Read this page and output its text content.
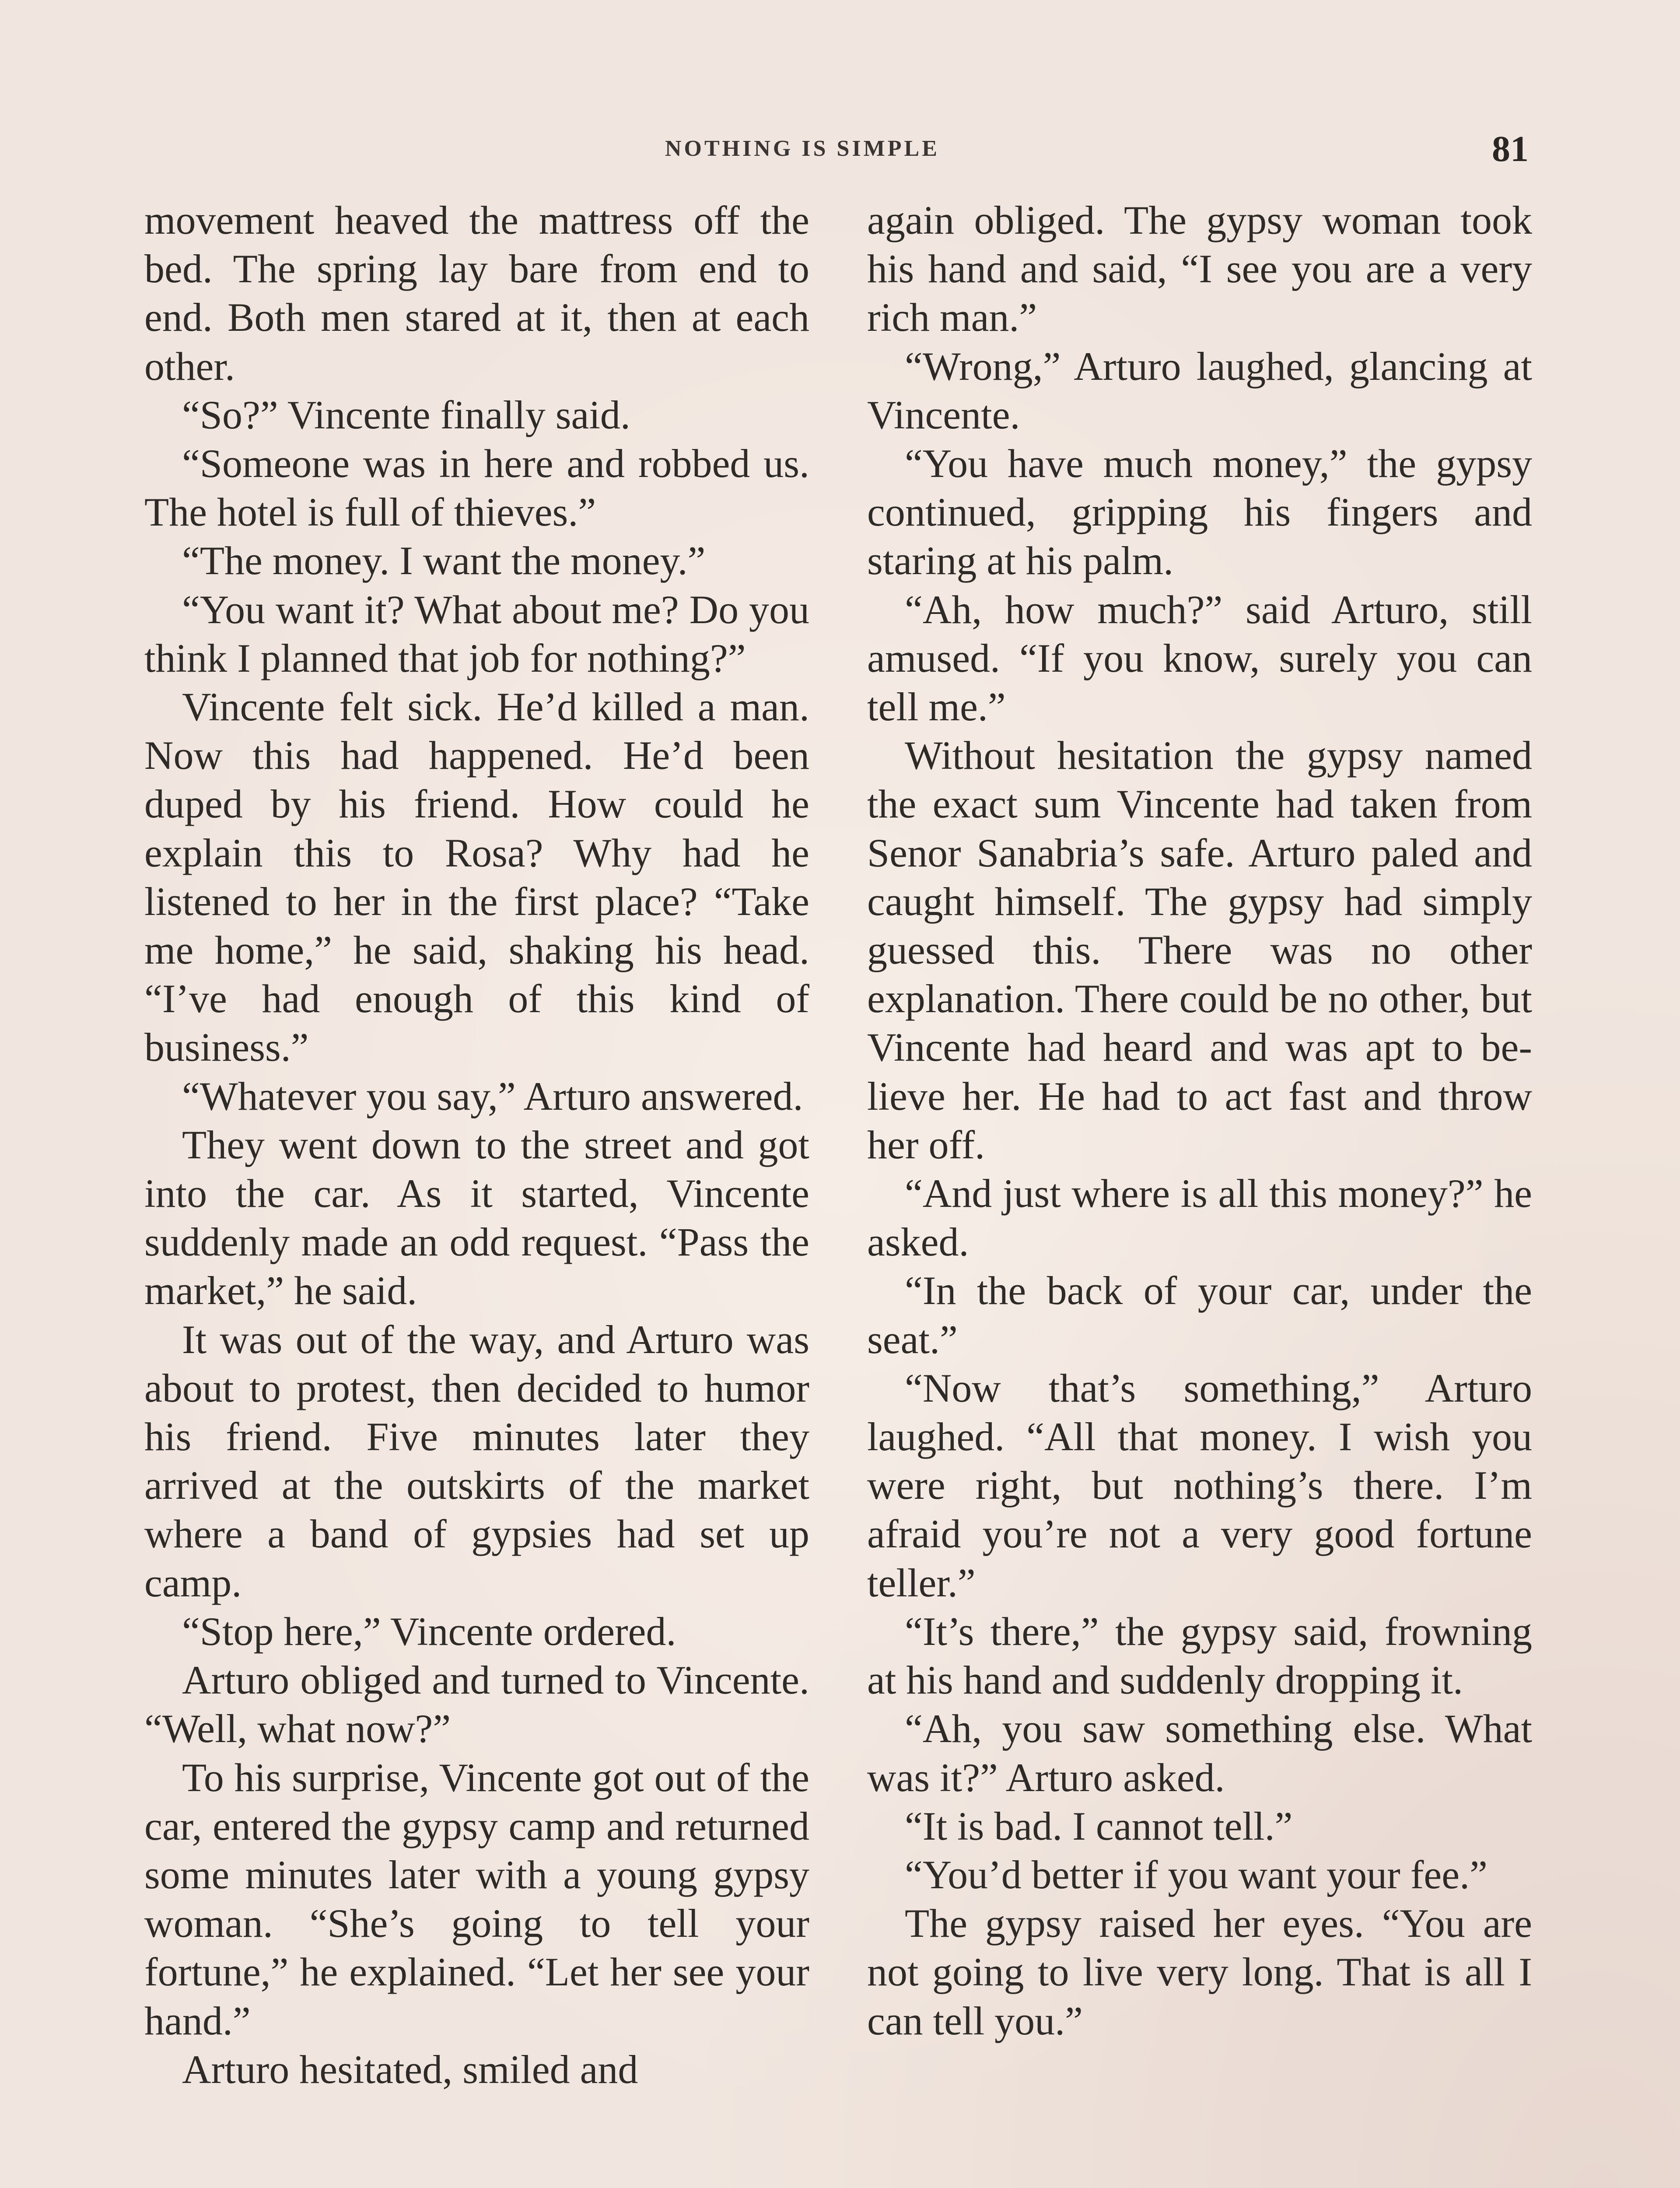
NOTHING IS SIMPLE	81

movement heaved the mattress off the bed. The spring lay bare from end to end. Both men stared at it, then at each other.

“So?” Vincente finally said.

“Someone was in here and robbed us. The hotel is full of thieves.”

“The money. I want the money.”

“You want it? What about me? Do you think I planned that job for nothing?”

Vincente felt sick. He’d killed a man. Now this had happened. He’d been duped by his friend. How could he explain this to Rosa? Why had he listened to her in the first place? “Take me home,” he said, shaking his head. “I’ve had enough of this kind of business.”

“Whatever you say,” Arturo answered.

They went down to the street and got into the car. As it started, Vincente suddenly made an odd request. “Pass the market,” he said.

It was out of the way, and Arturo was about to protest, then decided to humor his friend. Five minutes later they arrived at the outskirts of the market where a band of gypsies had set up camp.

“Stop here,” Vincente ordered.

Arturo obliged and turned to Vincente. “Well, what now?”

To his surprise, Vincente got out of the car, entered the gypsy camp and returned some minutes later with a young gypsy woman. “She’s going to tell your fortune,” he explained. “Let her see your hand.”

Arturo hesitated, smiled and

again obliged. The gypsy woman took his hand and said, “I see you are a very rich man.”

“Wrong,” Arturo laughed, glancing at Vincente.

“You have much money,” the gypsy continued, gripping his fingers and staring at his palm.

“Ah, how much?” said Arturo, still amused. “If you know, surely you can tell me.”

Without hesitation the gypsy named the exact sum Vincente had taken from Senor Sanabria’s safe. Arturo paled and caught himself. The gypsy had simply guessed this. There was no other explanation. There could be no other, but Vincente had heard and was apt to believe her. He had to act fast and throw her off.

“And just where is all this money?” he asked.

“In the back of your car, under the seat.”

“Now that’s something,” Arturo laughed. “All that money. I wish you were right, but nothing’s there. I’m afraid you’re not a very good fortune teller.”

“It’s there,” the gypsy said, frowning at his hand and suddenly dropping it.

“Ah, you saw something else. What was it?” Arturo asked.

“It is bad. I cannot tell.”

“You’d better if you want your fee.”

The gypsy raised her eyes. “You are not going to live very long. That is all I can tell you.”
